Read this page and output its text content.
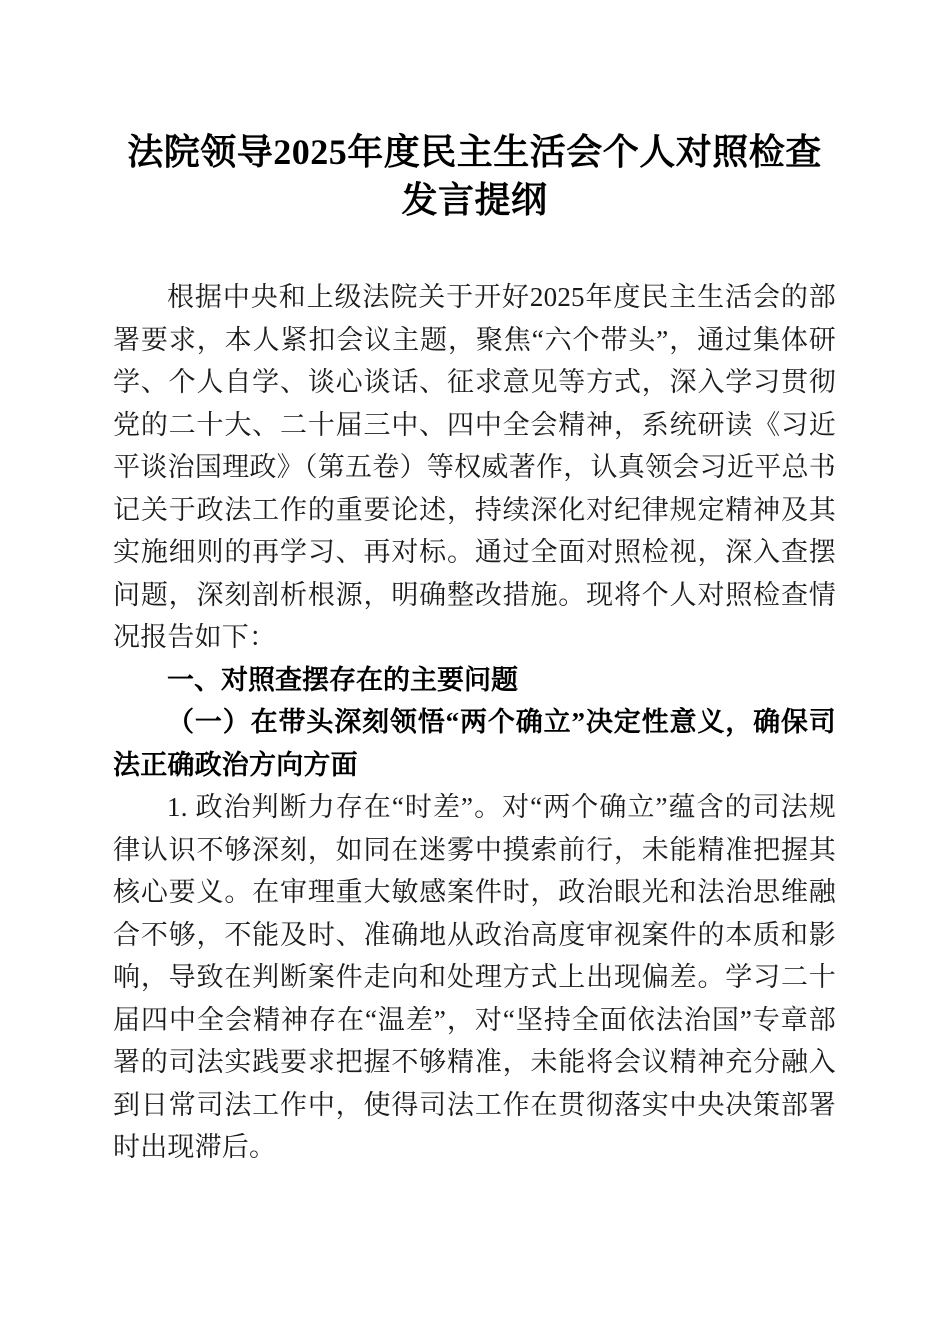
法院领导2025年度民主生活会个人对照检查
发言提纲

根据中央和上级法院关于开好2025年度民主生活会的部署要求，本人紧扣会议主题，聚焦“六个带头”，通过集体研学、个人自学、谈心谈话、征求意见等方式，深入学习贯彻党的二十大、二十届三中、四中全会精神，系统研读《习近平谈治国理政》（第五卷）等权威著作，认真领会习近平总书记关于政法工作的重要论述，持续深化对纪律规定精神及其实施细则的再学习、再对标。通过全面对照检视，深入查摆问题，深刻剖析根源，明确整改措施。现将个人对照检查情况报告如下：

一、对照查摆存在的主要问题

（一）在带头深刻领悟“两个确立”决定性意义，确保司法正确政治方向方面

1. 政治判断力存在“时差”。对“两个确立”蕴含的司法规律认识不够深刻，如同在迷雾中摸索前行，未能精准把握其核心要义。在审理重大敏感案件时，政治眼光和法治思维融合不够，不能及时、准确地从政治高度审视案件的本质和影响，导致在判断案件走向和处理方式上出现偏差。学习二十届四中全会精神存在“温差”，对“坚持全面依法治国”专章部署的司法实践要求把握不够精准，未能将会议精神充分融入到日常司法工作中，使得司法工作在贯彻落实中央决策部署时出现滞后。
